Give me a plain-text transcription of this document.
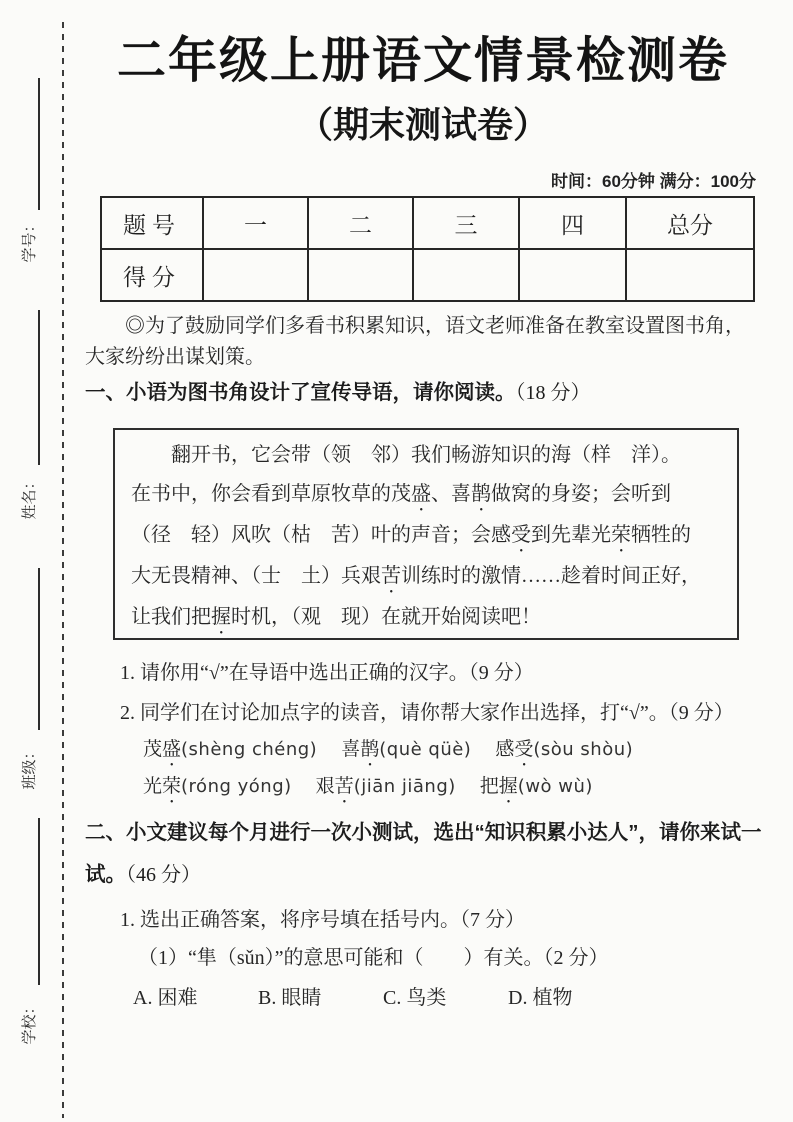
学号：
姓名：
班级：
学校：
二年级上册语文情景检测卷
（期末测试卷）
时间：60分钟 满分：100分
题号	一	二	三	四	总分
得分					
◎为了鼓励同学们多看书积累知识，语文老师准备在教室设置图书角，大家纷纷出谋划策。
一、小语为图书角设计了宣传导语，请你阅读。（18 分）
翻开书，它会带（领　邻）我们畅游知识的海（样　洋）。
在书中，你会看到草原牧草的茂盛、喜鹊做窝的身姿；会听到
（径　轻）风吹（枯　苦）叶的声音；会感受到先辈光荣牺牲的
大无畏精神、（士　土）兵艰苦训练时的激情……趁着时间正好，
让我们把握时机，（观　现）在就开始阅读吧！
1. 请你用“√”在导语中选出正确的汉字。（9 分）
2. 同学们在讨论加点字的读音，请你帮大家作出选择，打“√”。（9 分）
茂 盛 (shèng chéng) 喜 鹊 (què qüè) 感 受 (sòu shòu)
光 荣 (róng yóng) 艰 苦 (jiān jiāng) 把 握 (wò wù)
二、小文建议每个月进行一次小测试，选出“知识积累小达人”，请你来试一试。（46 分）
1. 选出正确答案，将序号填在括号内。（7 分）
（1）“隼（sǔn）”的意思可能和（　　）有关。（2 分）
A. 困难	B. 眼睛	C. 鸟类	D. 植物
